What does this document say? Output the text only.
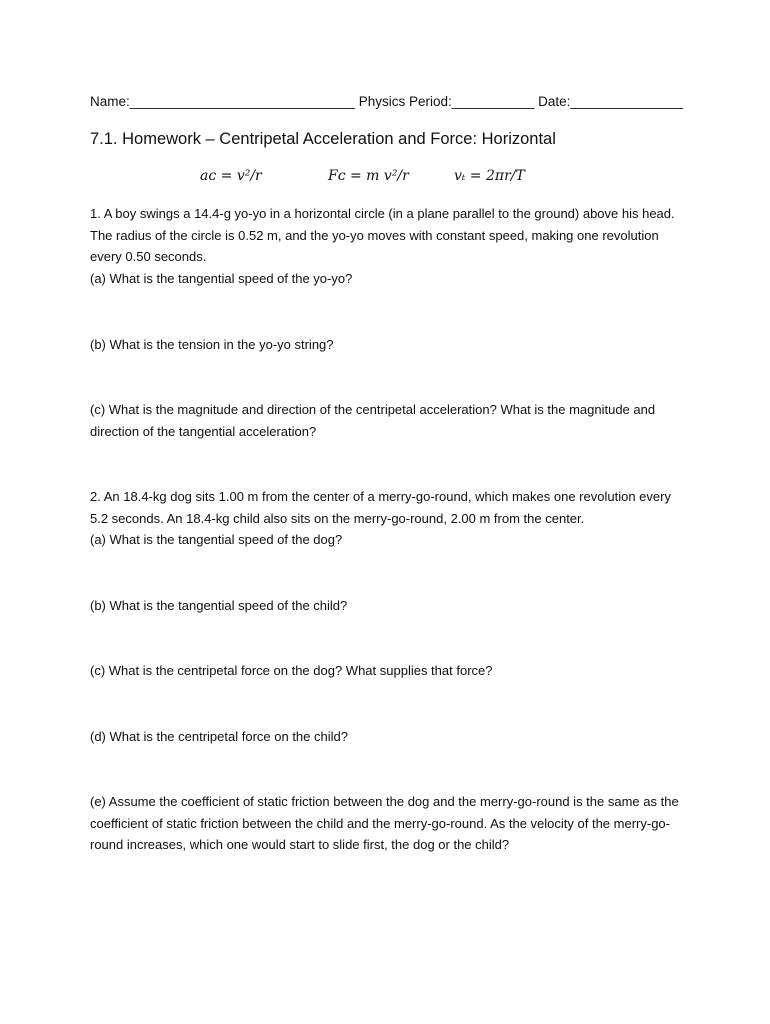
Name:______________________________ Physics Period:___________ Date:_______________
7.1. Homework – Centripetal Acceleration and Force: Horizontal
aᴄ = v²/r	Fᴄ = m v²/r	vₜ = 2πr/T
1. A boy swings a 14.4-g yo-yo in a horizontal circle (in a plane parallel to the ground) above his head. The radius of the circle is 0.52 m, and the yo-yo moves with constant speed, making one revolution every 0.50 seconds.
(a) What is the tangential speed of the yo-yo?
(b) What is the tension in the yo-yo string?
(c) What is the magnitude and direction of the centripetal acceleration? What is the magnitude and direction of the tangential acceleration?
2. An 18.4-kg dog sits 1.00 m from the center of a merry-go-round, which makes one revolution every 5.2 seconds. An 18.4-kg child also sits on the merry-go-round, 2.00 m from the center.
(a) What is the tangential speed of the dog?
(b) What is the tangential speed of the child?
(c) What is the centripetal force on the dog? What supplies that force?
(d) What is the centripetal force on the child?
(e) Assume the coefficient of static friction between the dog and the merry-go-round is the same as the coefficient of static friction between the child and the merry-go-round. As the velocity of the merry-go-round increases, which one would start to slide first, the dog or the child?
